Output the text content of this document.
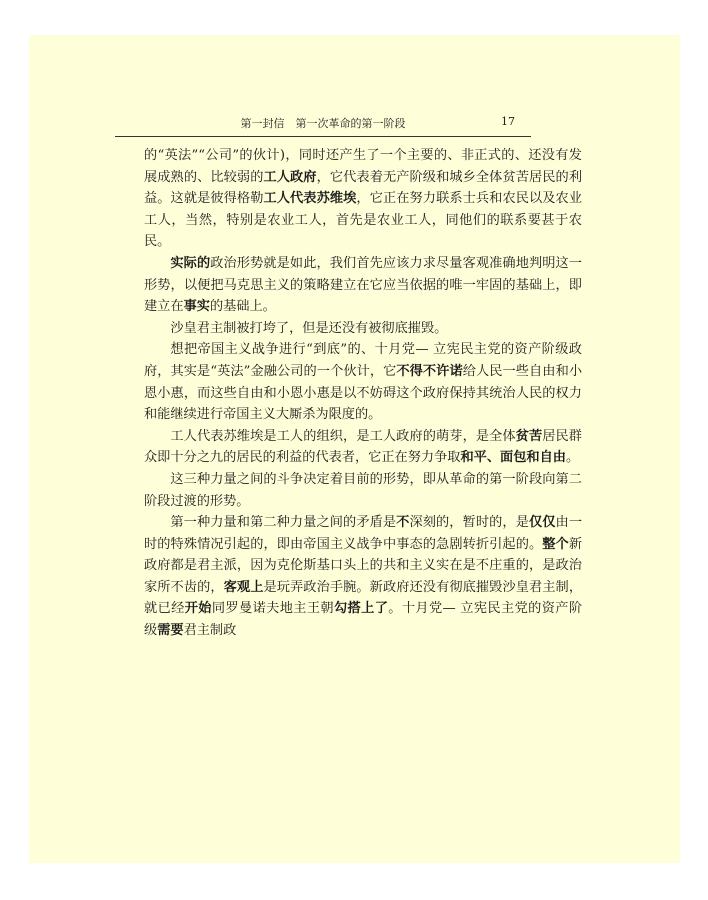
第一封信　第一次革命的第一阶段	17

的“英法”“公司”的伙计)，同时还产生了一个主要的、非正式的、还没有发展成熟的、比较弱的工人政府，它代表着无产阶级和城乡全体贫苦居民的利益。这就是彼得格勒工人代表苏维埃，它正在努力联系士兵和农民以及农业工人，当然，特别是农业工人，首先是农业工人，同他们的联系要甚于农民。

实际的政治形势就是如此，我们首先应该力求尽量客观准确地判明这一形势，以便把马克思主义的策略建立在它应当依据的唯一牢固的基础上，即建立在事实的基础上。

沙皇君主制被打垮了，但是还没有被彻底摧毁。

想把帝国主义战争进行“到底”的、十月党— 立宪民主党的资产阶级政府，其实是“英法”金融公司的一个伙计，它不得不许诺给人民一些自由和小恩小惠，而这些自由和小恩小惠是以不妨碍这个政府保持其统治人民的权力和能继续进行帝国主义大厮杀为限度的。

工人代表苏维埃是工人的组织，是工人政府的萌芽，是全体贫苦居民群众即十分之九的居民的利益的代表者，它正在努力争取和平、面包和自由。

这三种力量之间的斗争决定着目前的形势，即从革命的第一阶段向第二阶段过渡的形势。

第一种力量和第二种力量之间的矛盾是不深刻的，暂时的，是仅仅由一时的特殊情况引起的，即由帝国主义战争中事态的急剧转折引起的。整个新政府都是君主派，因为克伦斯基口头上的共和主义实在是不庄重的，是政治家所不齿的，客观上是玩弄政治手腕。新政府还没有彻底摧毁沙皇君主制，就已经开始同罗曼诺夫地主王朝勾搭上了。十月党— 立宪民主党的资产阶级需要君主制政
